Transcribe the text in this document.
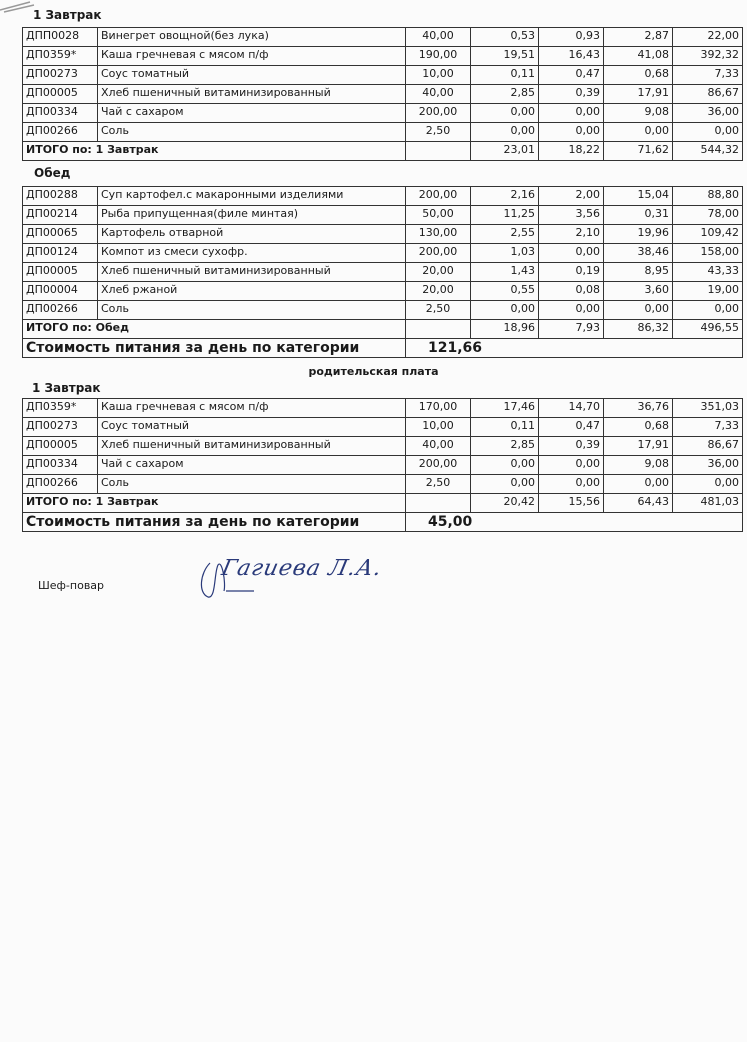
1 Завтрак
ДПП0028	Винегрет овощной(без лука)	40,00	0,53	0,93	2,87	22,00
ДП0359*	Каша гречневая с мясом п/ф	190,00	19,51	16,43	41,08	392,32
ДП00273	Соус томатный	10,00	0,11	0,47	0,68	7,33
ДП00005	Хлеб пшеничный витаминизированный	40,00	2,85	0,39	17,91	86,67
ДП00334	Чай с сахаром	200,00	0,00	0,00	9,08	36,00
ДП00266	Соль	2,50	0,00	0,00	0,00	0,00
ИТОГО по: 1 Завтрак			23,01	18,22	71,62	544,32
Обед
ДП00288	Суп картофел.с макаронными изделиями	200,00	2,16	2,00	15,04	88,80
ДП00214	Рыба припущенная(филе минтая)	50,00	11,25	3,56	0,31	78,00
ДП00065	Картофель отварной	130,00	2,55	2,10	19,96	109,42
ДП00124	Компот из смеси сухофр.	200,00	1,03	0,00	38,46	158,00
ДП00005	Хлеб пшеничный витаминизированный	20,00	1,43	0,19	8,95	43,33
ДП00004	Хлеб ржаной	20,00	0,55	0,08	3,60	19,00
ДП00266	Соль	2,50	0,00	0,00	0,00	0,00
ИТОГО по: Обед			18,96	7,93	86,32	496,55
Стоимость питания за день по категории		121,66				
родительская плата
1 Завтрак
ДП0359*	Каша гречневая с мясом п/ф	170,00	17,46	14,70	36,76	351,03
ДП00273	Соус томатный	10,00	0,11	0,47	0,68	7,33
ДП00005	Хлеб пшеничный витаминизированный	40,00	2,85	0,39	17,91	86,67
ДП00334	Чай с сахаром	200,00	0,00	0,00	9,08	36,00
ДП00266	Соль	2,50	0,00	0,00	0,00	0,00
ИТОГО по: 1 Завтрак			20,42	15,56	64,43	481,03
Стоимость питания за день по категории		45,00				
Шеф-повар
Гагиева Л.А.
